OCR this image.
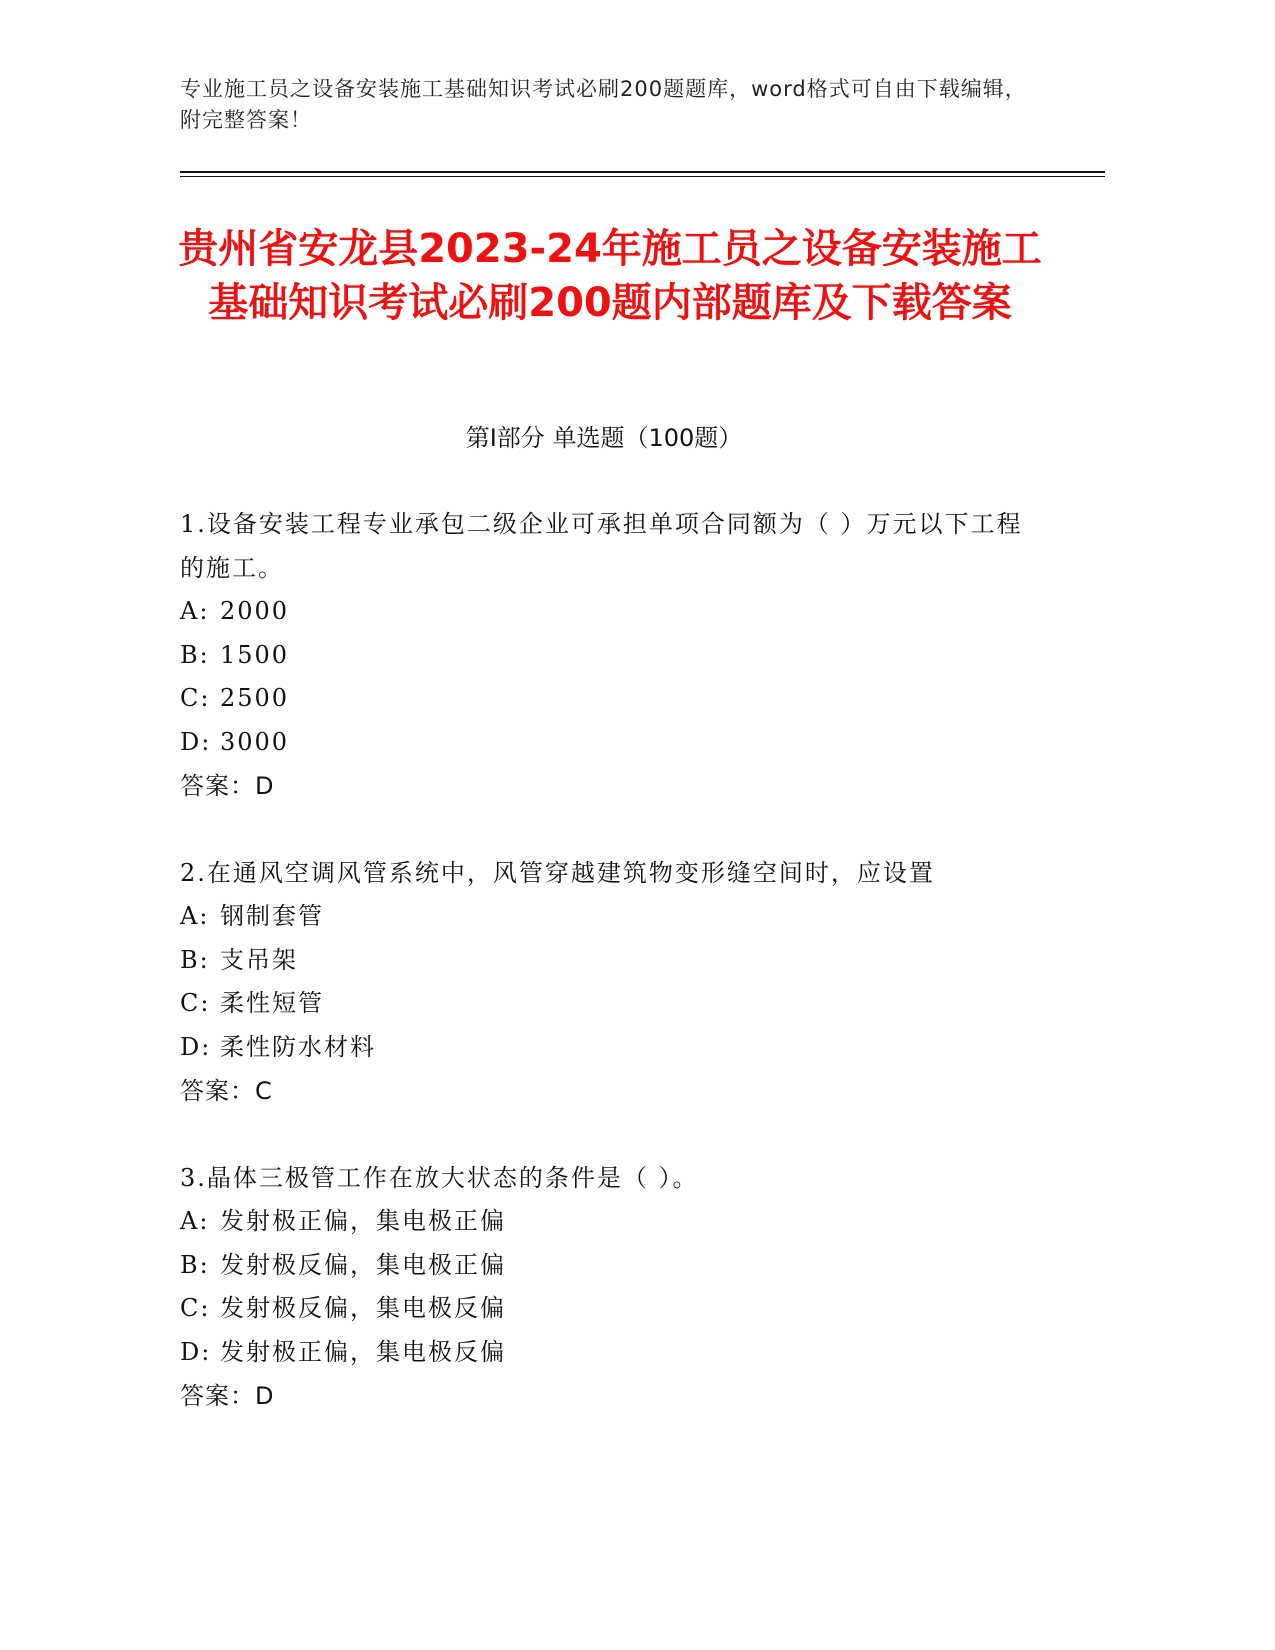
专业施工员之设备安装施工基础知识考试必刷200题题库，word格式可自由下载编辑，附完整答案！
贵州省安龙县2023-24年施工员之设备安装施工基础知识考试必刷200题内部题库及下载答案
第I部分 单选题（100题）
1.设备安装工程专业承包二级企业可承担单项合同额为（ ）万元以下工程的施工。
A: 2000
B: 1500
C: 2500
D: 3000
答案：D
2.在通风空调风管系统中，风管穿越建筑物变形缝空间时，应设置
A: 钢制套管
B: 支吊架
C: 柔性短管
D: 柔性防水材料
答案：C
3.晶体三极管工作在放大状态的条件是（ ）。
A: 发射极正偏，集电极正偏
B: 发射极反偏，集电极正偏
C: 发射极反偏，集电极反偏
D: 发射极正偏，集电极反偏
答案：D
